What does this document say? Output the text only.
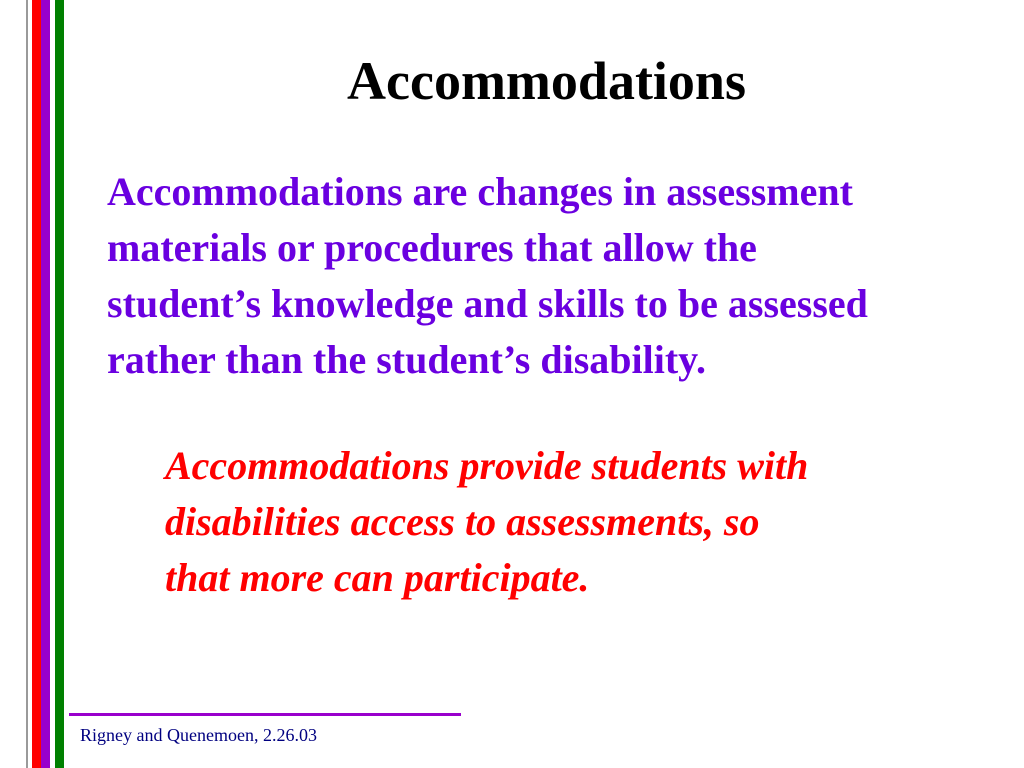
Accommodations

Accommodations are changes in assessment
materials or procedures that allow the
student’s knowledge and skills to be assessed
rather than the student’s disability.

Accommodations provide students with
disabilities access to assessments, so
that more can participate.

Rigney and Quenemoen, 2.26.03
